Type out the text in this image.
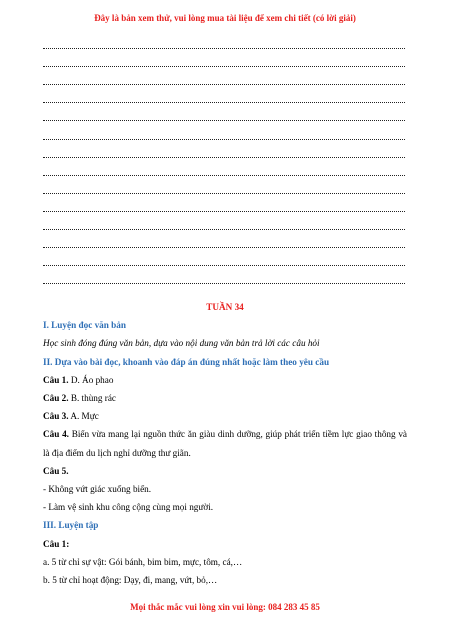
Đây là bản xem thử, vui lòng mua tài liệu để xem chi tiết (có lời giải)
TUẦN 34
I. Luyện đọc văn bản
Học sinh đóng đúng văn bản, dựa vào nội dung văn bản trả lời các câu hỏi
II. Dựa vào bài đọc, khoanh vào đáp án đúng nhất hoặc làm theo yêu cầu
Câu 1. D. Áo phao
Câu 2. B. thùng rác
Câu 3. A. Mực
Câu 4. Biển vừa mang lại nguồn thức ăn giàu dinh dưỡng, giúp phát triển tiềm lực giao thông và là địa điểm du lịch nghỉ dưỡng thư giãn.
Câu 5.
- Không vứt giác xuống biển.
- Làm vệ sinh khu công cộng cùng mọi người.
III. Luyện tập
Câu 1:
a. 5 từ chỉ sự vật: Gói bánh, bim bim, mực, tôm, cá,…
b. 5 từ chỉ hoạt động: Dạy, đi, mang, vứt, bỏ,…
Mọi thắc mắc vui lòng xin vui lòng: 084 283 45 85
